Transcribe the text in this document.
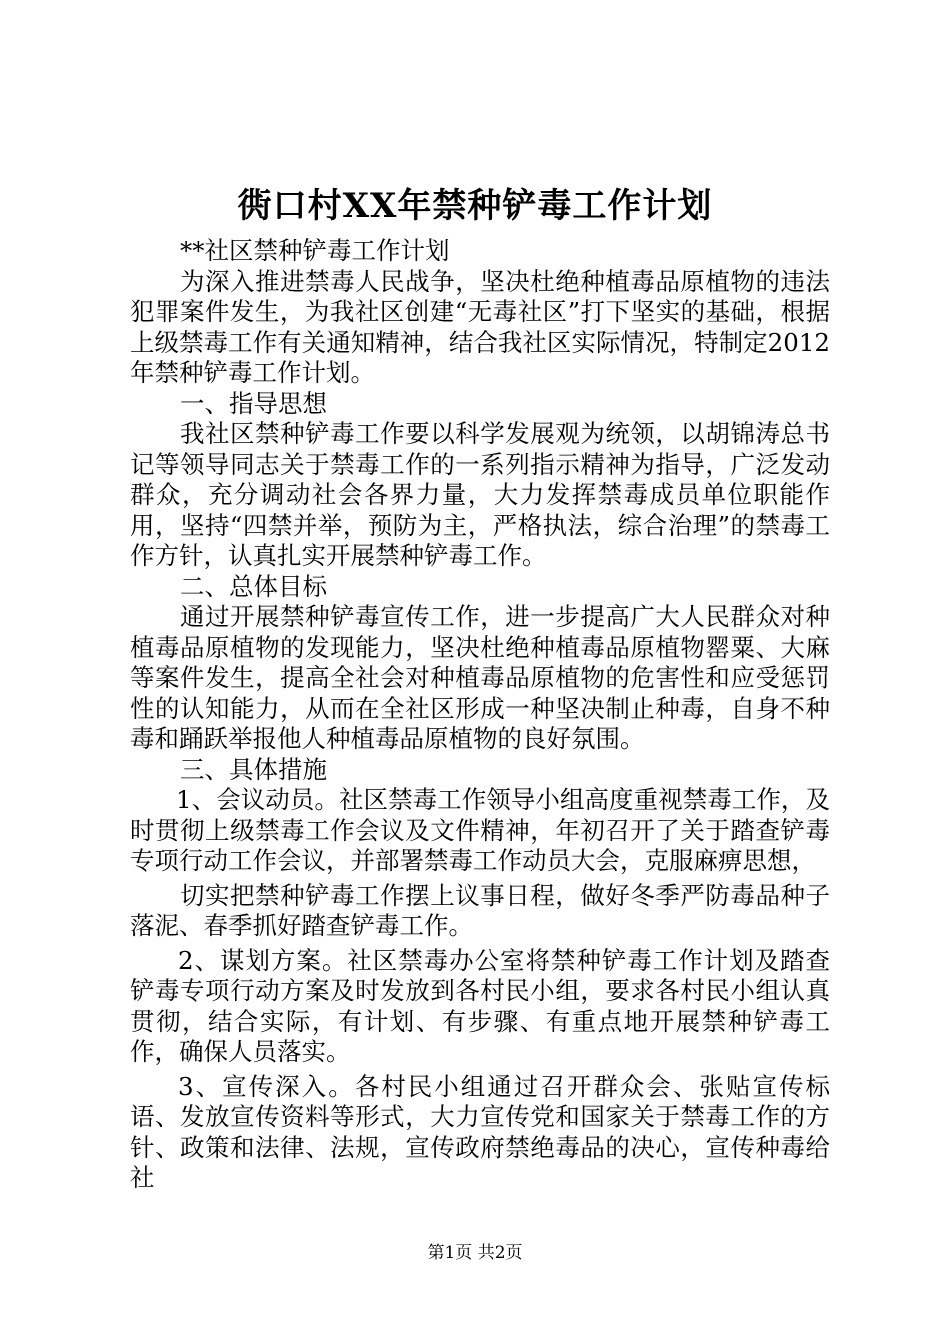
衖口村XX年禁种铲毒工作计划

**社区禁种铲毒工作计划

为深入推进禁毒人民战争，坚决杜绝种植毒品原植物的违法犯罪案件发生，为我社区创建“无毒社区”打下坚实的基础，根据上级禁毒工作有关通知精神，结合我社区实际情况，特制定2012年禁种铲毒工作计划。

一、指导思想

我社区禁种铲毒工作要以科学发展观为统领，以胡锦涛总书记等领导同志关于禁毒工作的一系列指示精神为指导，广泛发动群众，充分调动社会各界力量，大力发挥禁毒成员单位职能作用，坚持“四禁并举，预防为主，严格执法，综合治理”的禁毒工作方针，认真扎实开展禁种铲毒工作。

二、总体目标

通过开展禁种铲毒宣传工作，进一步提高广大人民群众对种植毒品原植物的发现能力，坚决杜绝种植毒品原植物罂粟、大麻等案件发生，提高全社会对种植毒品原植物的危害性和应受惩罚性的认知能力，从而在全社区形成一种坚决制止种毒，自身不种毒和踊跃举报他人种植毒品原植物的良好氛围。

三、具体措施

1、会议动员。社区禁毒工作领导小组高度重视禁毒工作，及时贯彻上级禁毒工作会议及文件精神，年初召开了关于踏查铲毒专项行动工作会议，并部署禁毒工作动员大会，克服麻痹思想，

切实把禁种铲毒工作摆上议事日程，做好冬季严防毒品种子落泥、春季抓好踏查铲毒工作。

2、谋划方案。社区禁毒办公室将禁种铲毒工作计划及踏查铲毒专项行动方案及时发放到各村民小组，要求各村民小组认真贯彻，结合实际，有计划、有步骤、有重点地开展禁种铲毒工作，确保人员落实。

3、宣传深入。各村民小组通过召开群众会、张贴宣传标语、发放宣传资料等形式，大力宣传党和国家关于禁毒工作的方针、政策和法律、法规，宣传政府禁绝毒品的决心，宣传种毒给社

第1页 共2页
